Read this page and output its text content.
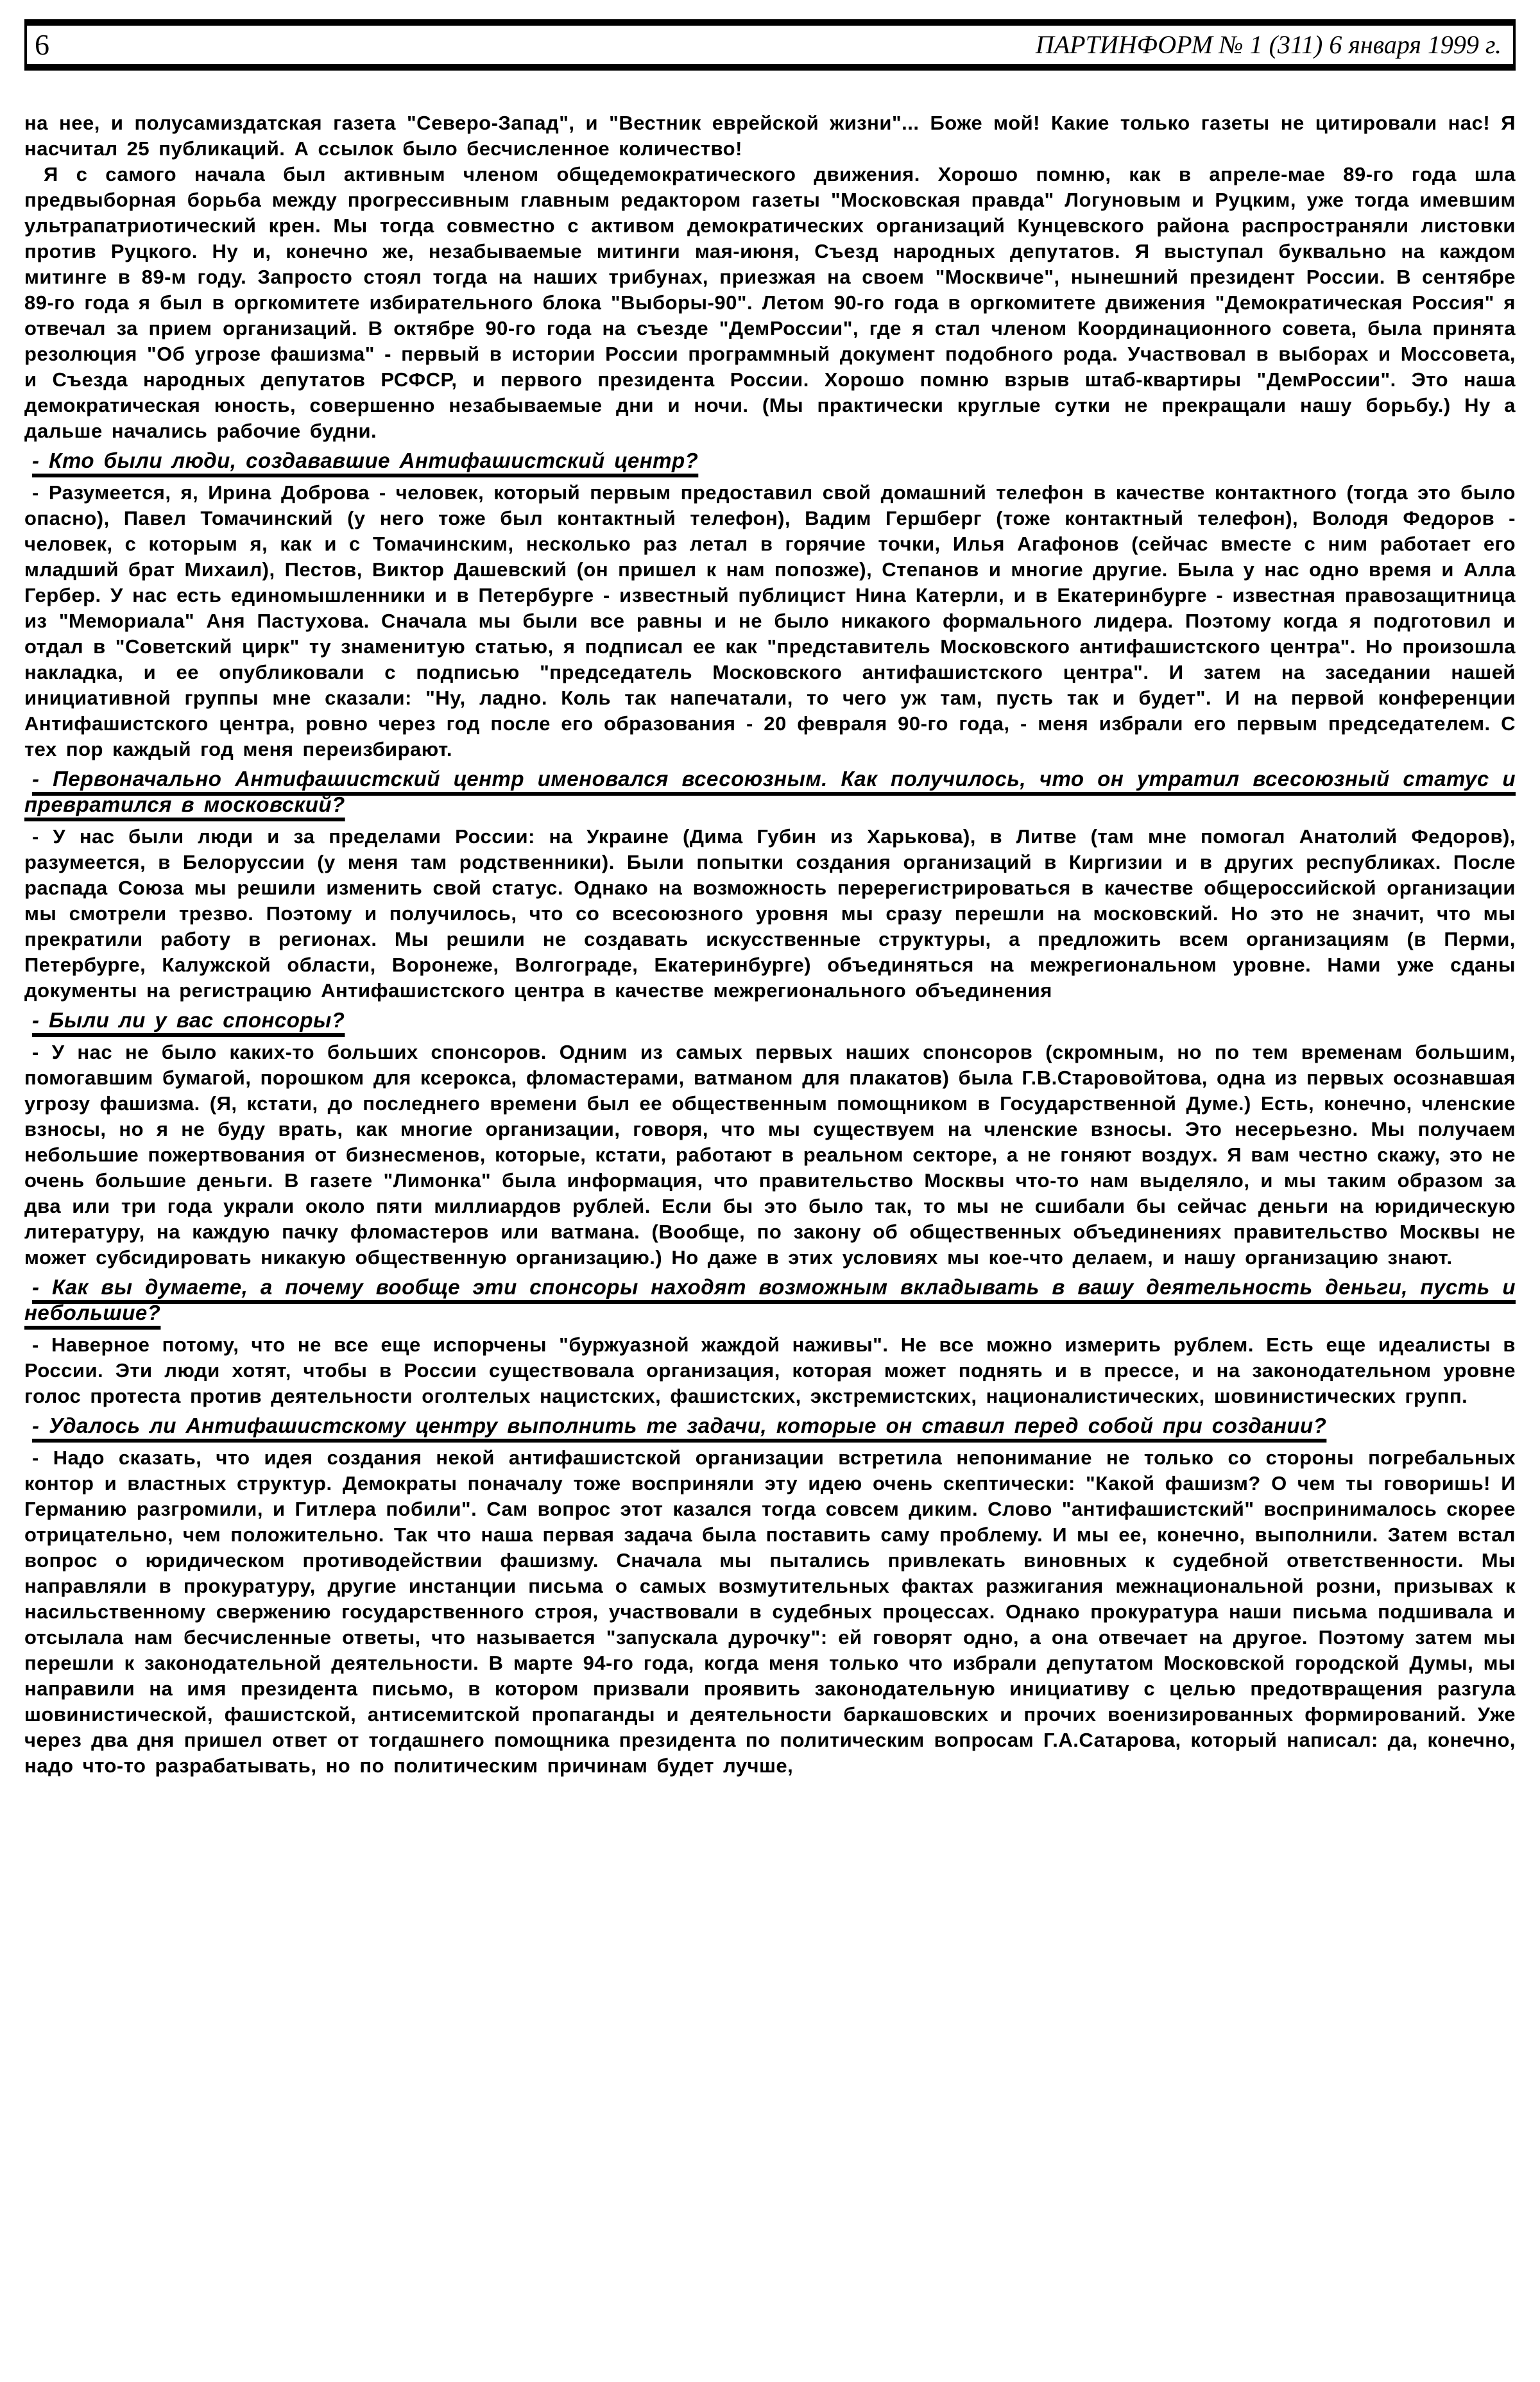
6	ПАРТИНФОРМ № 1 (311) 6 января 1999 г.

на нее, и полусамиздатская газета "Северо-Запад", и "Вестник еврейской жизни"... Боже мой! Какие только газеты не цитировали нас! Я насчитал 25 публикаций. А ссылок было бесчисленное количество!

Я с самого начала был активным членом общедемократического движения. Хорошо помню, как в апреле-мае 89-го года шла предвыборная борьба между прогрессивным главным редактором газеты "Московская правда" Логуновым и Руцким, уже тогда имевшим ультрапатриотический крен. Мы тогда совместно с активом демократических организаций Кунцевского района распространяли листовки против Руцкого. Ну и, конечно же, незабываемые митинги мая-июня, Съезд народных депутатов. Я выступал буквально на каждом митинге в 89-м году. Запросто стоял тогда на наших трибунах, приезжая на своем "Москвиче", нынешний президент России. В сентябре 89-го года я был в оргкомитете избирательного блока "Выборы-90". Летом 90-го года в оргкомитете движения "Демократическая Россия" я отвечал за прием организаций. В октябре 90-го года на съезде "ДемРоссии", где я стал членом Координационного совета, была принята резолюция "Об угрозе фашизма" - первый в истории России программный документ подобного рода. Участвовал в выборах и Моссовета, и Съезда народных депутатов РСФСР, и первого президента России. Хорошо помню взрыв штаб-квартиры "ДемРоссии". Это наша демократическая юность, совершенно незабываемые дни и ночи. (Мы практически круглые сутки не прекращали нашу борьбу.) Ну а дальше начались рабочие будни.

- Кто были люди, создававшие Антифашистский центр?

- Разумеется, я, Ирина Доброва - человек, который первым предоставил свой домашний телефон в качестве контактного (тогда это было опасно), Павел Томачинский (у него тоже был контактный телефон), Вадим Гершберг (тоже контактный телефон), Володя Федоров - человек, с которым я, как и с Томачинским, несколько раз летал в горячие точки, Илья Агафонов (сейчас вместе с ним работает его младший брат Михаил), Пестов, Виктор Дашевский (он пришел к нам попозже), Степанов и многие другие. Была у нас одно время и Алла Гербер. У нас есть единомышленники и в Петербурге - известный публицист Нина Катерли, и в Екатеринбурге - известная правозащитница из "Мемориала" Аня Пастухова. Сначала мы были все равны и не было никакого формального лидера. Поэтому когда я подготовил и отдал в "Советский цирк" ту знаменитую статью, я подписал ее как "представитель Московского антифашистского центра". Но произошла накладка, и ее опубликовали с подписью "председатель Московского антифашистского центра". И затем на заседании нашей инициативной группы мне сказали: "Ну, ладно. Коль так напечатали, то чего уж там, пусть так и будет". И на первой конференции Антифашистского центра, ровно через год после его образования - 20 февраля 90-го года, - меня избрали его первым председателем. С тех пор каждый год меня переизбирают.

- Первоначально Антифашистский центр именовался всесоюзным. Как получилось, что он утратил всесоюзный статус и превратился в московский?

- У нас были люди и за пределами России: на Украине (Дима Губин из Харькова), в Литве (там мне помогал Анатолий Федоров), разумеется, в Белоруссии (у меня там родственники). Были попытки создания организаций в Киргизии и в других республиках. После распада Союза мы решили изменить свой статус. Однако на возможность перерегистрироваться в качестве общероссийской организации мы смотрели трезво. Поэтому и получилось, что со всесоюзного уровня мы сразу перешли на московский. Но это не значит, что мы прекратили работу в регионах. Мы решили не создавать искусственные структуры, а предложить всем организациям (в Перми, Петербурге, Калужской области, Воронеже, Волгограде, Екатеринбурге) объединяться на межрегиональном уровне. Нами уже сданы документы на регистрацию Антифашистского центра в качестве межрегионального объединения

- Были ли у вас спонсоры?

- У нас не было каких-то больших спонсоров. Одним из самых первых наших спонсоров (скромным, но по тем временам большим, помогавшим бумагой, порошком для ксерокса, фломастерами, ватманом для плакатов) была Г.В.Старовойтова, одна из первых осознавшая угрозу фашизма. (Я, кстати, до последнего времени был ее общественным помощником в Государственной Думе.) Есть, конечно, членские взносы, но я не буду врать, как многие организации, говоря, что мы существуем на членские взносы. Это несерьезно. Мы получаем небольшие пожертвования от бизнесменов, которые, кстати, работают в реальном секторе, а не гоняют воздух. Я вам честно скажу, это не очень большие деньги. В газете "Лимонка" была информация, что правительство Москвы что-то нам выделяло, и мы таким образом за два или три года украли около пяти миллиардов рублей. Если бы это было так, то мы не сшибали бы сейчас деньги на юридическую литературу, на каждую пачку фломастеров или ватмана. (Вообще, по закону об общественных объединениях правительство Москвы не может субсидировать никакую общественную организацию.) Но даже в этих условиях мы кое-что делаем, и нашу организацию знают.

- Как вы думаете, а почему вообще эти спонсоры находят возможным вкладывать в вашу деятельность деньги, пусть и небольшие?

- Наверное потому, что не все еще испорчены "буржуазной жаждой наживы". Не все можно измерить рублем. Есть еще идеалисты в России. Эти люди хотят, чтобы в России существовала организация, которая может поднять и в прессе, и на законодательном уровне голос протеста против деятельности оголтелых нацистских, фашистских, экстремистских, националистических, шовинистических групп.

- Удалось ли Антифашистскому центру выполнить те задачи, которые он ставил перед собой при создании?

- Надо сказать, что идея создания некой антифашистской организации встретила непонимание не только со стороны погребальных контор и властных структур. Демократы поначалу тоже восприняли эту идею очень скептически: "Какой фашизм? О чем ты говоришь! И Германию разгромили, и Гитлера побили". Сам вопрос этот казался тогда совсем диким. Слово "антифашистский" воспринималось скорее отрицательно, чем положительно. Так что наша первая задача была поставить саму проблему. И мы ее, конечно, выполнили. Затем встал вопрос о юридическом противодействии фашизму. Сначала мы пытались привлекать виновных к судебной ответственности. Мы направляли в прокуратуру, другие инстанции письма о самых возмутительных фактах разжигания межнациональной розни, призывах к насильственному свержению государственного строя, участвовали в судебных процессах. Однако прокуратура наши письма подшивала и отсылала нам бесчисленные ответы, что называется "запускала дурочку": ей говорят одно, а она отвечает на другое. Поэтому затем мы перешли к законодательной деятельности. В марте 94-го года, когда меня только что избрали депутатом Московской городской Думы, мы направили на имя президента письмо, в котором призвали проявить законодательную инициативу с целью предотвращения разгула шовинистической, фашистской, антисемитской пропаганды и деятельности баркашовских и прочих военизированных формирований. Уже через два дня пришел ответ от тогдашнего помощника президента по политическим вопросам Г.А.Сатарова, который написал: да, конечно, надо что-то разрабатывать, но по политическим причинам будет лучше,
